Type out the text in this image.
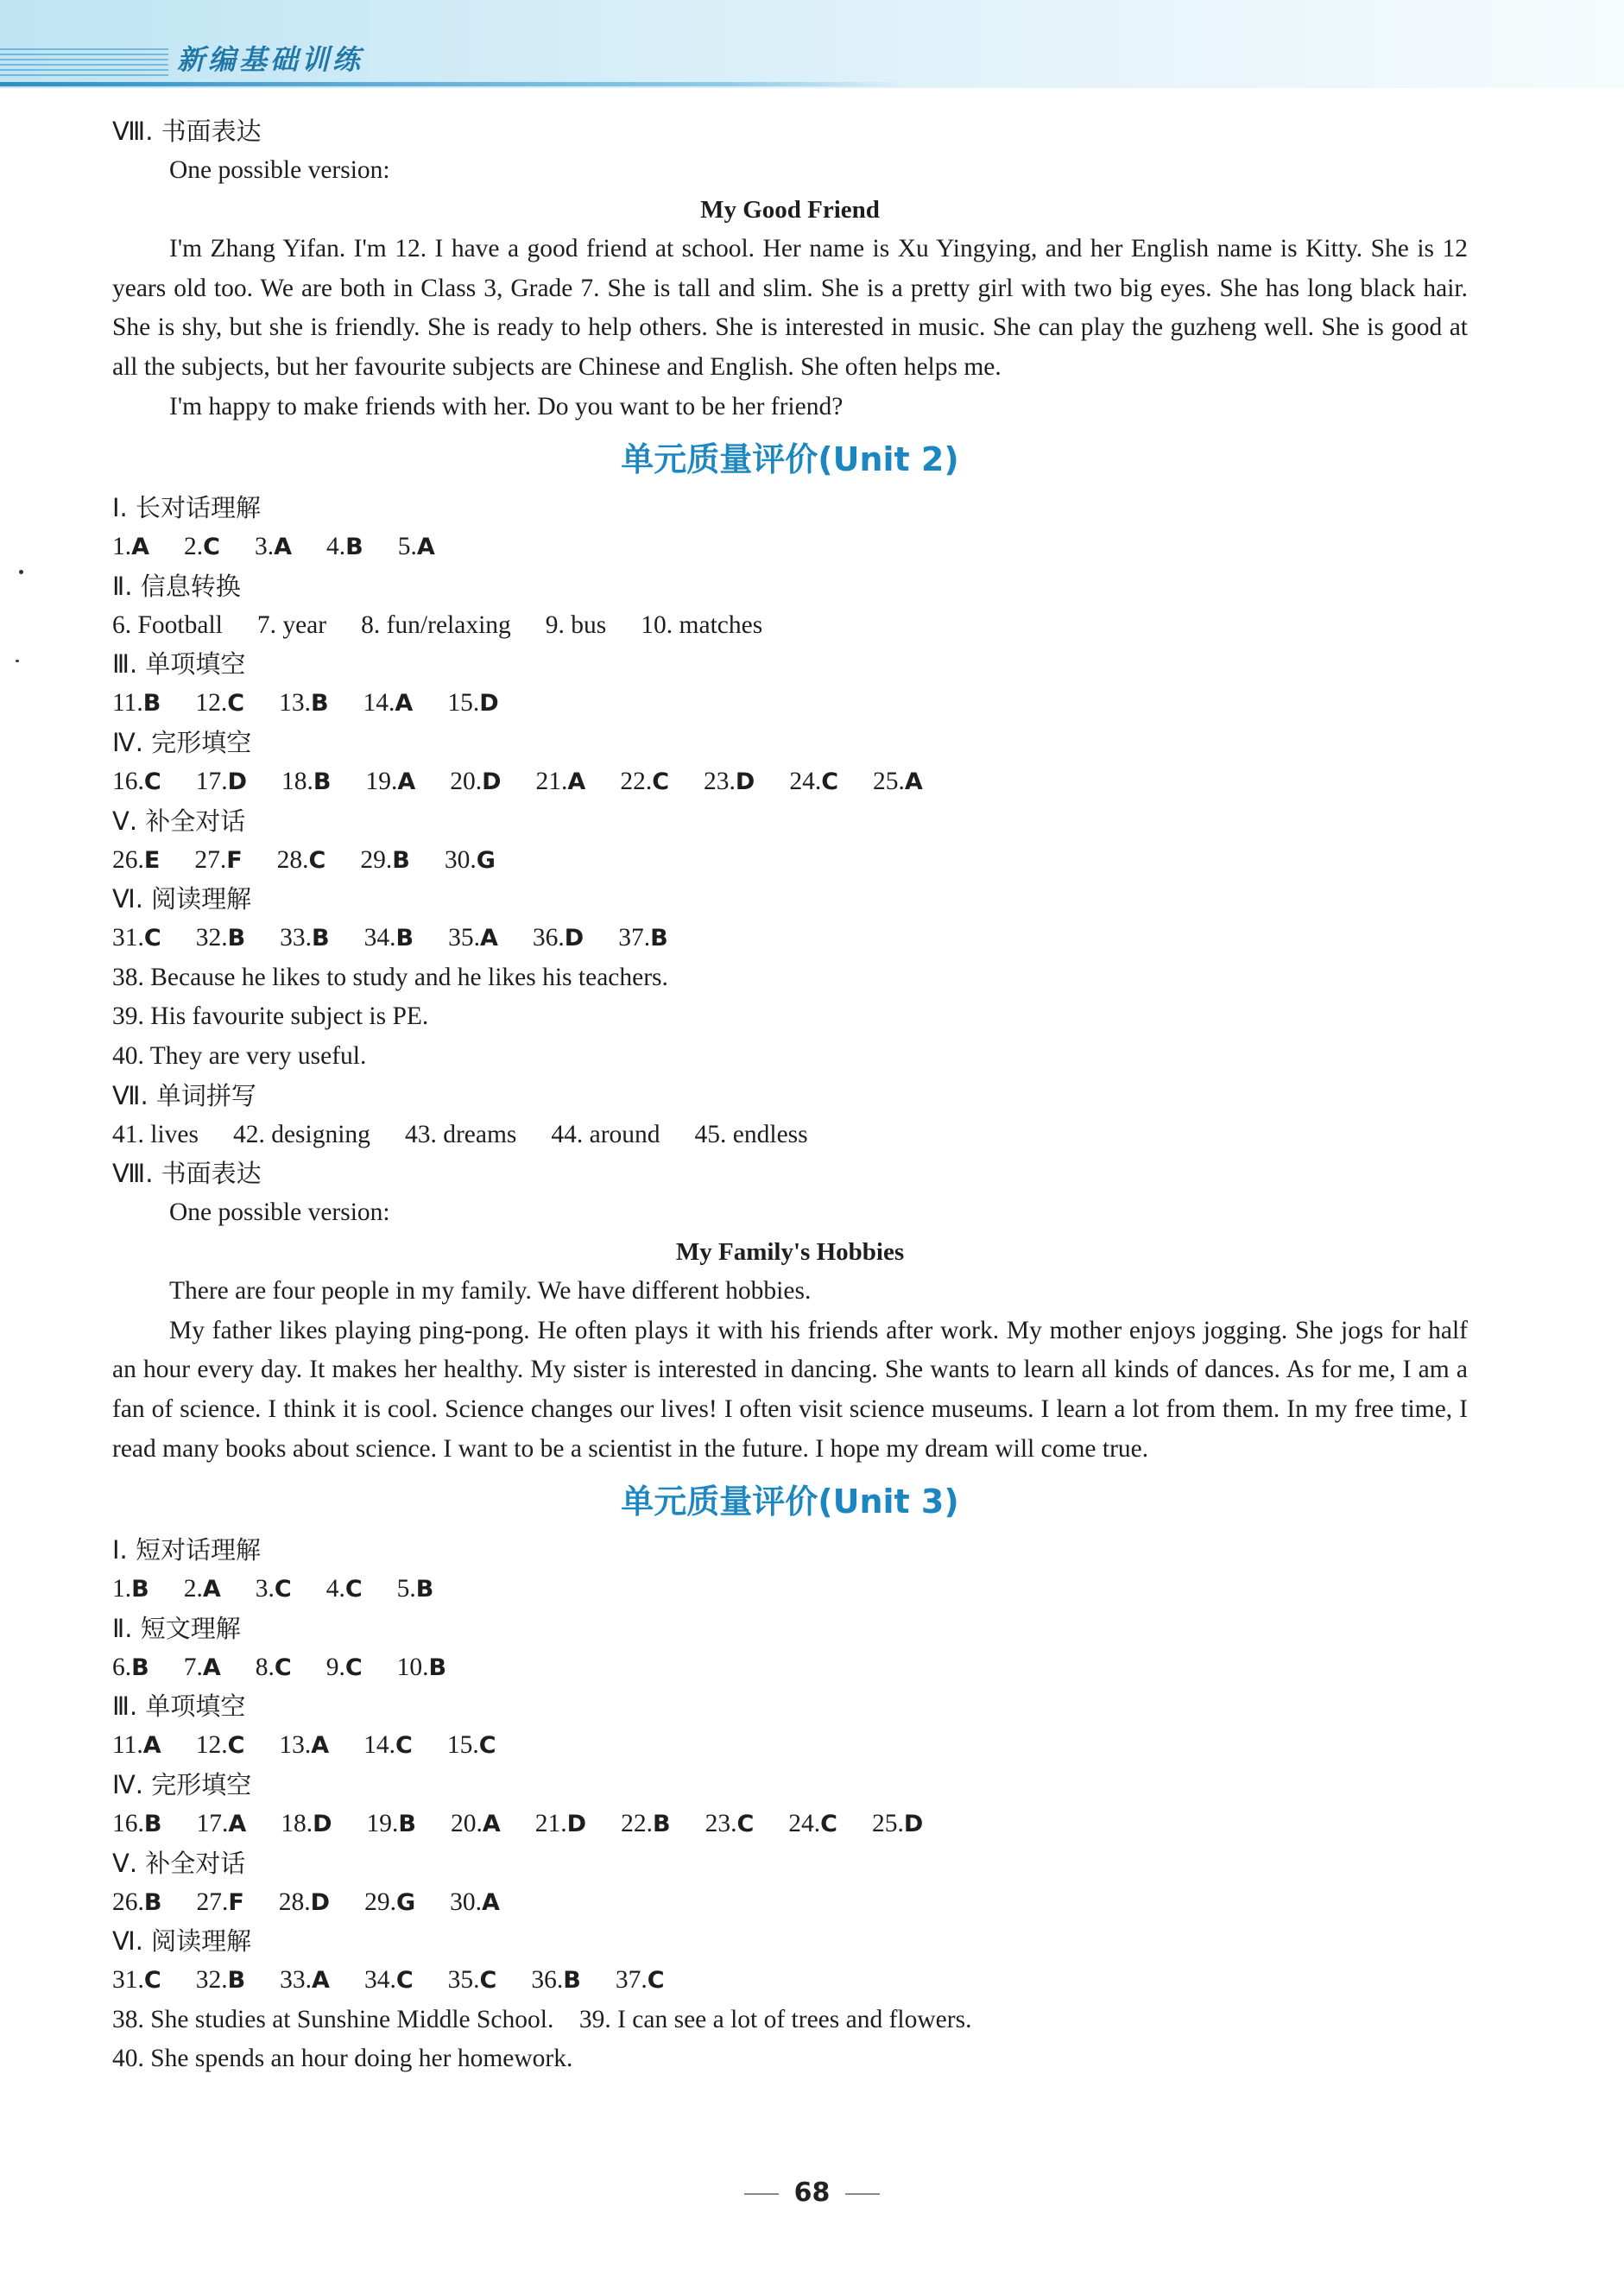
新编基础训练
Ⅷ. 书面表达
One possible version:
My Good Friend
I'm Zhang Yifan. I'm 12. I have a good friend at school. Her name is Xu Yingying, and her English name is Kitty. She is 12 years old too. We are both in Class 3, Grade 7. She is tall and slim. She is a pretty girl with two big eyes. She has long black hair. She is shy, but she is friendly. She is ready to help others. She is interested in music. She can play the guzheng well. She is good at all the subjects, but her favourite subjects are Chinese and English. She often helps me.
I'm happy to make friends with her. Do you want to be her friend?
单元质量评价(Unit 2)
Ⅰ. 长对话理解
1.A 2.C 3.A 4.B 5.A
Ⅱ. 信息转换
6. Football 7. year 8. fun/relaxing 9. bus 10. matches
Ⅲ. 单项填空
11.B 12.C 13.B 14.A 15.D
Ⅳ. 完形填空
16.C 17.D 18.B 19.A 20.D 21.A 22.C 23.D 24.C 25.A
Ⅴ. 补全对话
26.E 27.F 28.C 29.B 30.G
Ⅵ. 阅读理解
31.C 32.B 33.B 34.B 35.A 36.D 37.B
38. Because he likes to study and he likes his teachers.
39. His favourite subject is PE.
40. They are very useful.
Ⅶ. 单词拼写
41. lives 42. designing 43. dreams 44. around 45. endless
Ⅷ. 书面表达
One possible version:
My Family's Hobbies
There are four people in my family. We have different hobbies.
My father likes playing ping-pong. He often plays it with his friends after work. My mother enjoys jogging. She jogs for half an hour every day. It makes her healthy. My sister is interested in dancing. She wants to learn all kinds of dances. As for me, I am a fan of science. I think it is cool. Science changes our lives! I often visit science museums. I learn a lot from them. In my free time, I read many books about science. I want to be a scientist in the future. I hope my dream will come true.
单元质量评价(Unit 3)
Ⅰ. 短对话理解
1.B 2.A 3.C 4.C 5.B
Ⅱ. 短文理解
6.B 7.A 8.C 9.C 10.B
Ⅲ. 单项填空
11.A 12.C 13.A 14.C 15.C
Ⅳ. 完形填空
16.B 17.A 18.D 19.B 20.A 21.D 22.B 23.C 24.C 25.D
Ⅴ. 补全对话
26.B 27.F 28.D 29.G 30.A
Ⅵ. 阅读理解
31.C 32.B 33.A 34.C 35.C 36.B 37.C
38. She studies at Sunshine Middle School.    39. I can see a lot of trees and flowers.
40. She spends an hour doing her homework.
68
